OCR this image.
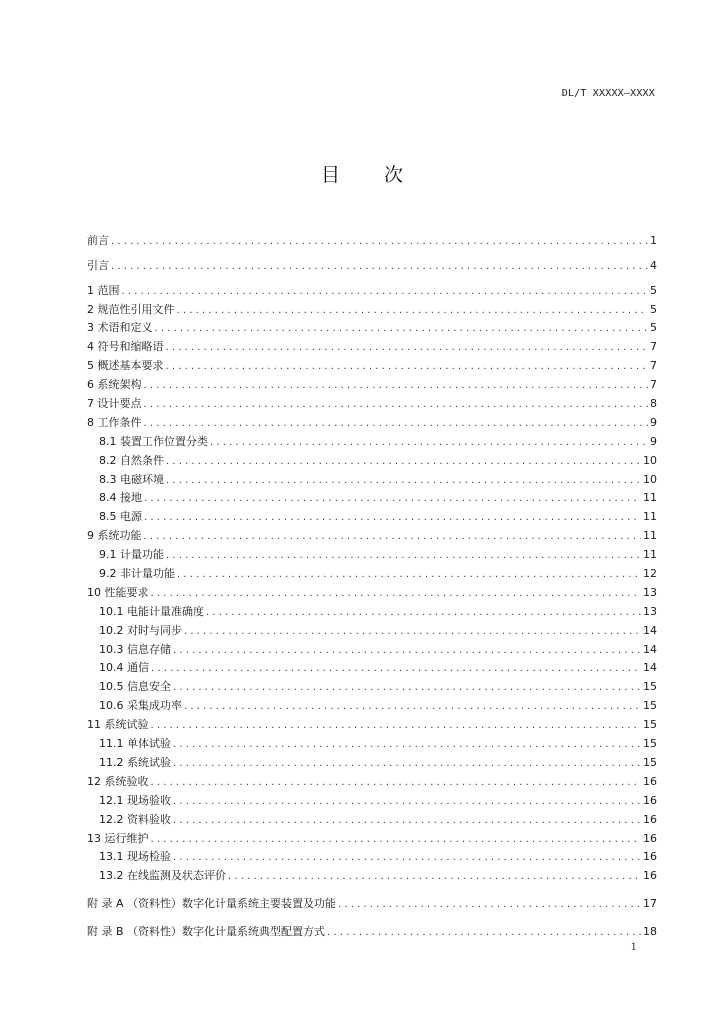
DL/T XXXXX—XXXX
目 次
前言 . . .	1
引言 . . .	4
1 范围 . . .	5
2 规范性引用文件 . . .	5
3 术语和定义 . . .	5
4 符号和缩略语 . . .	7
5 概述基本要求 . . .	7
6 系统架构 . . .	7
7 设计要点 . . .	8
8 工作条件 . . .	9
8.1 装置工作位置分类 . . .	9
8.2 自然条件 . . .	10
8.3 电磁环境 . . .	10
8.4 接地 . . .	11
8.5 电源 . . .	11
9 系统功能 . . .	11
9.1 计量功能 . . .	11
9.2 非计量功能 . . .	12
10 性能要求 . . .	13
10.1 电能计量准确度 . . .	13
10.2 对时与同步 . . .	14
10.3 信息存储 . . .	14
10.4 通信 . . .	14
10.5 信息安全 . . .	15
10.6 采集成功率 . . .	15
11 系统试验 . . .	15
11.1 单体试验 . . .	15
11.2 系统试验 . . .	15
12 系统验收 . . .	16
12.1 现场验收 . . .	16
12.2 资料验收 . . .	16
13 运行维护 . . .	16
13.1 现场检验 . . .	16
13.2 在线监测及状态评价 . . .	16
附 录 A （资料性）数字化计量系统主要装置及功能 . . .	17
附 录 B （资料性）数字化计量系统典型配置方式 . . .	18
1
